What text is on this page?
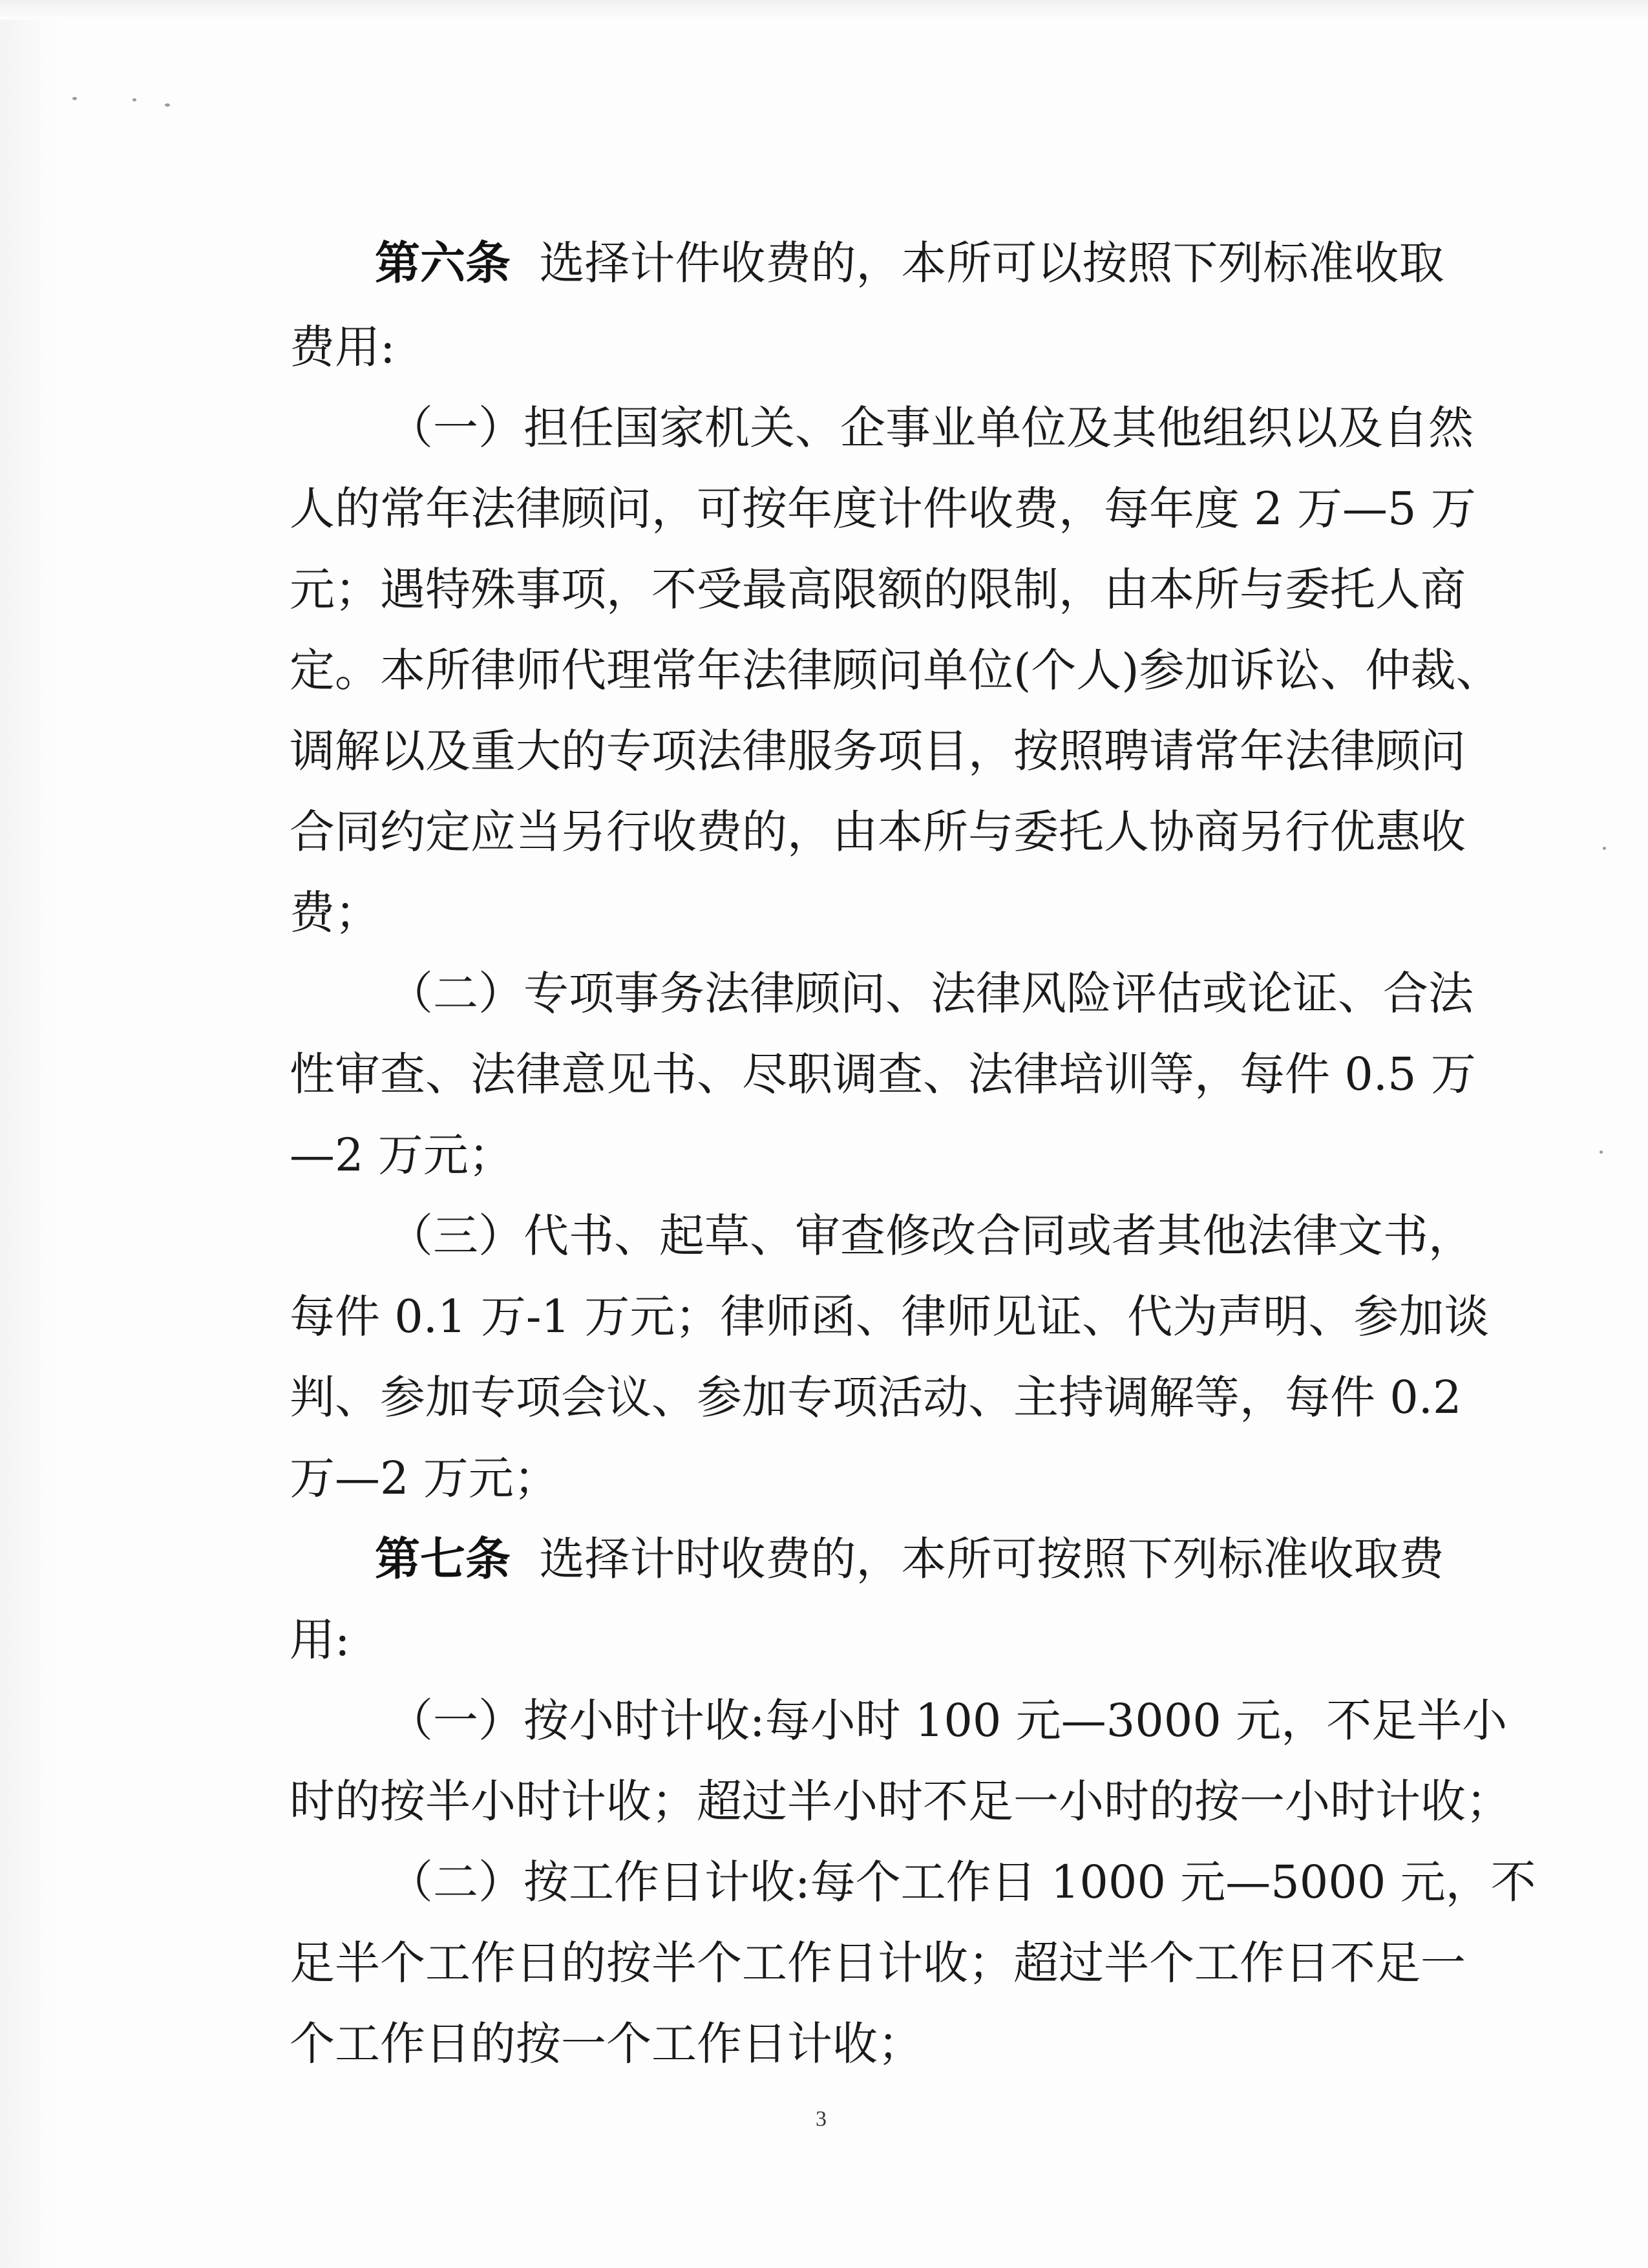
第六条 选择计件收费的，本所可以按照下列标准收取
费用:
（一）担任国家机关、企事业单位及其他组织以及自然
人的常年法律顾问，可按年度计件收费，每年度 2 万—5 万
元；遇特殊事项，不受最高限额的限制，由本所与委托人商
定。本所律师代理常年法律顾问单位(个人)参加诉讼、仲裁、
调解以及重大的专项法律服务项目，按照聘请常年法律顾问
合同约定应当另行收费的，由本所与委托人协商另行优惠收
费；
（二）专项事务法律顾问、法律风险评估或论证、合法
性审查、法律意见书、尽职调查、法律培训等，每件 0.5 万
—2 万元；
（三）代书、起草、审查修改合同或者其他法律文书，
每件 0.1 万-1 万元；律师函、律师见证、代为声明、参加谈
判、参加专项会议、参加专项活动、主持调解等，每件 0.2
万—2 万元；
第七条 选择计时收费的，本所可按照下列标准收取费
用:
（一）按小时计收:每小时 100 元—3000 元，不足半小
时的按半小时计收；超过半小时不足一小时的按一小时计收；
（二）按工作日计收:每个工作日 1000 元—5000 元，不
足半个工作日的按半个工作日计收；超过半个工作日不足一
个工作日的按一个工作日计收；
3
